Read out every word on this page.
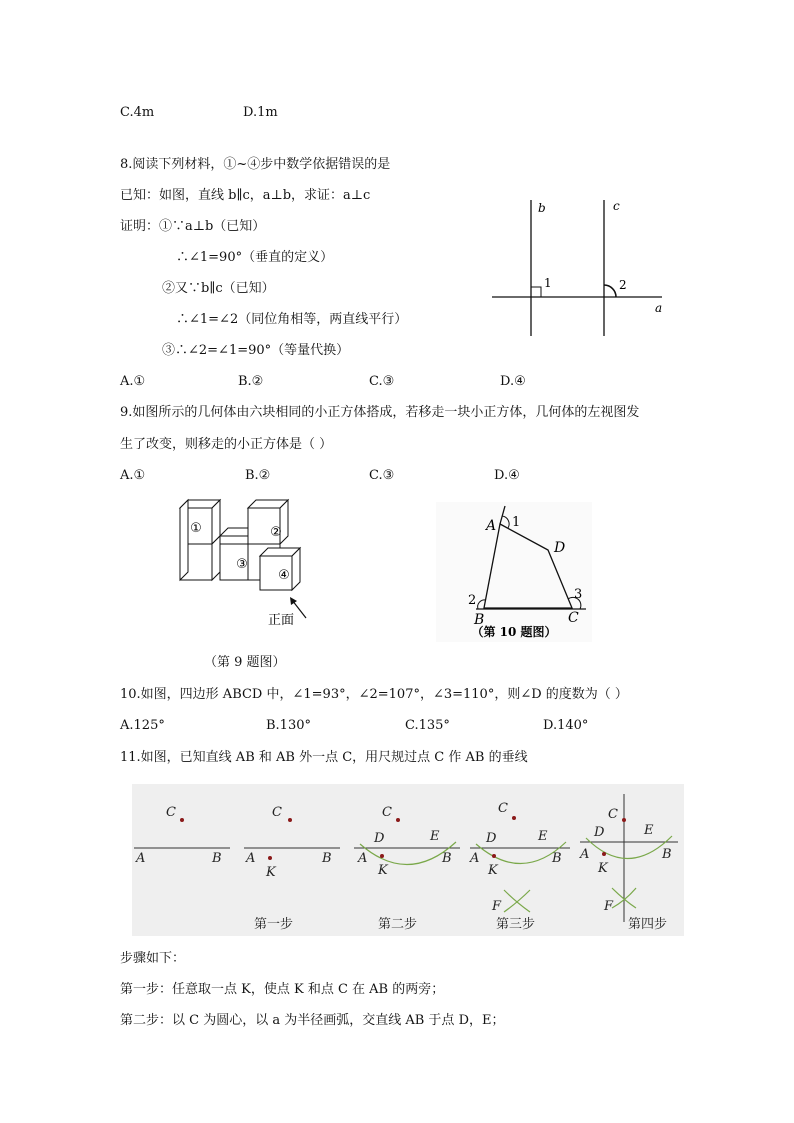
C.4m	D.1m
8.阅读下列材料，①~④步中数学依据错误的是
已知：如图，直线 b∥c，a⊥b，求证：a⊥c
证明：①∵a⊥b（已知）
∴∠1=90°（垂直的定义）
②又∵b∥c（已知）
∴∠1=∠2（同位角相等，两直线平行）
③∴∠2=∠1=90°（等量代换）
b	c
a
1	2
A.①	B.②	C.③	D.④
9.如图所示的几何体由六块相同的小正方体搭成，若移走一块小正方体，几何体的左视图发
生了改变，则移走的小正方体是（ ）
A.①	B.②	C.③	D.④
①	②
③
④
正面
（第 9 题图）
A 1
D
2
B
3
C
（第 10 题图）
10.如图，四边形 ABCD 中，∠1=93°，∠2=107°，∠3=110°，则∠D 的度数为（ ）
A.125°	B.130°	C.135°	D.140°
11.如图，已知直线 AB 和 AB 外一点 C，用尺规过点 C 作 AB 的垂线
C
A	B
C
A	B
K
C
D	E
A	B
K
C
D	E
A	B
K
F
C
D	E
A	B
K
F
第一步	第二步	第三步	第四步
步骤如下：
第一步：任意取一点 K，使点 K 和点 C 在 AB 的两旁；
第二步：以 C 为圆心，以 a 为半径画弧，交直线 AB 于点 D，E；
